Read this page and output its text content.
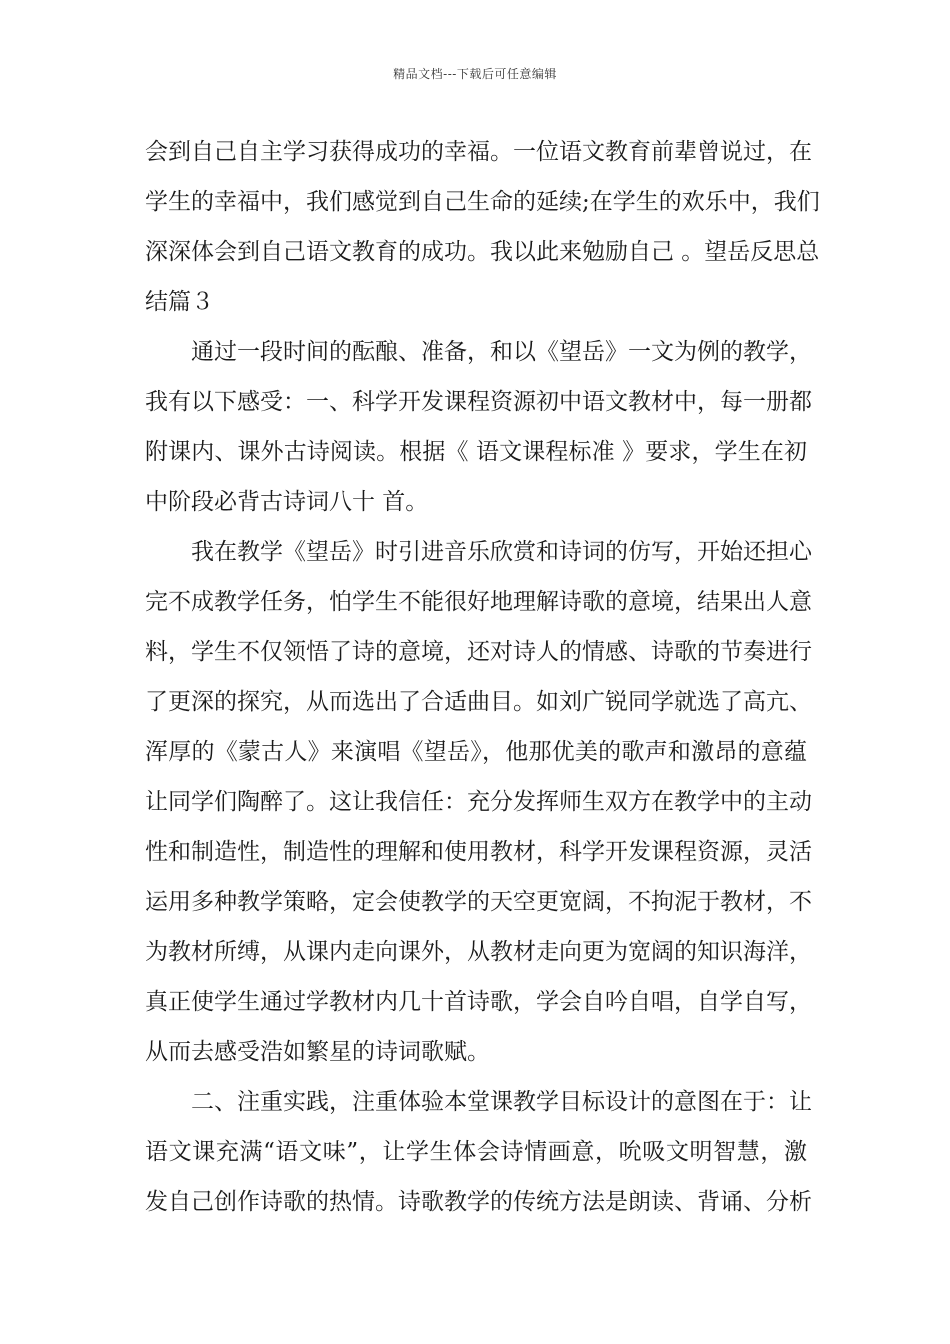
精品文档---下载后可任意编辑
会到自己自主学习获得成功的幸福。一位语文教育前辈曾说过，在
学生的幸福中，我们感觉到自己生命的延续;在学生的欢乐中，我们
深深体会到自己语文教育的成功。我以此来勉励自己 。望岳反思总
结篇３
通过一段时间的酝酿、准备，和以《望岳》一文为例的教学，
我有以下感受：一、科学开发课程资源初中语文教材中，每一册都
附课内、课外古诗阅读。根据《 语文课程标准 》要求，学生在初
中阶段必背古诗词八十 首。
我在教学《望岳》时引进音乐欣赏和诗词的仿写，开始还担心
完不成教学任务，怕学生不能很好地理解诗歌的意境，结果出人意
料，学生不仅领悟了诗的意境，还对诗人的情感、诗歌的节奏进行
了更深的探究，从而选出了合适曲目。如刘广锐同学就选了高亢、
浑厚的《蒙古人》来演唱《望岳》，他那优美的歌声和激昂的意蕴
让同学们陶醉了。这让我信任：充分发挥师生双方在教学中的主动
性和制造性，制造性的理解和使用教材，科学开发课程资源，灵活
运用多种教学策略，定会使教学的天空更宽阔，不拘泥于教材，不
为教材所缚，从课内走向课外，从教材走向更为宽阔的知识海洋，
真正使学生通过学教材内几十首诗歌，学会自吟自唱，自学自写，
从而去感受浩如繁星的诗词歌赋。
二、注重实践，注重体验本堂课教学目标设计的意图在于：让
语文课充满“语文味”，让学生体会诗情画意，吮吸文明智慧，激
发自己创作诗歌的热情。诗歌教学的传统方法是朗读、背诵、分析
